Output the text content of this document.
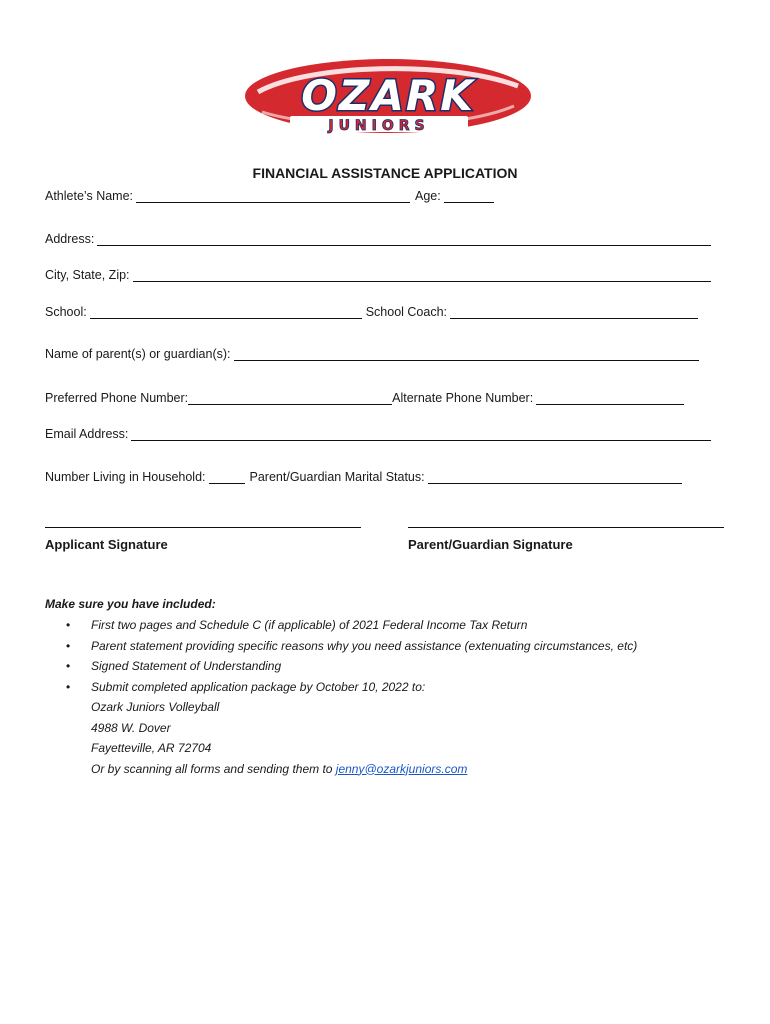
OZARK
JUNIORS
FINANCIAL ASSISTANCE APPLICATION
Athlete’s Name:	Age:
Address:
City, State, Zip:
School:	School Coach:
Name of parent(s) or guardian(s):
Preferred Phone Number:	Alternate Phone Number:
Email Address:
Number Living in Household:	Parent/Guardian Marital Status:
Applicant Signature	Parent/Guardian Signature
Make sure you have included:
• First two pages and Schedule C (if applicable) of 2021 Federal Income Tax Return
• Parent statement providing specific reasons why you need assistance (extenuating circumstances, etc)
• Signed Statement of Understanding
• Submit completed application package by October 10, 2022 to:
Ozark Juniors Volleyball
4988 W. Dover
Fayetteville, AR 72704
Or by scanning all forms and sending them to jenny@ozarkjuniors.com
